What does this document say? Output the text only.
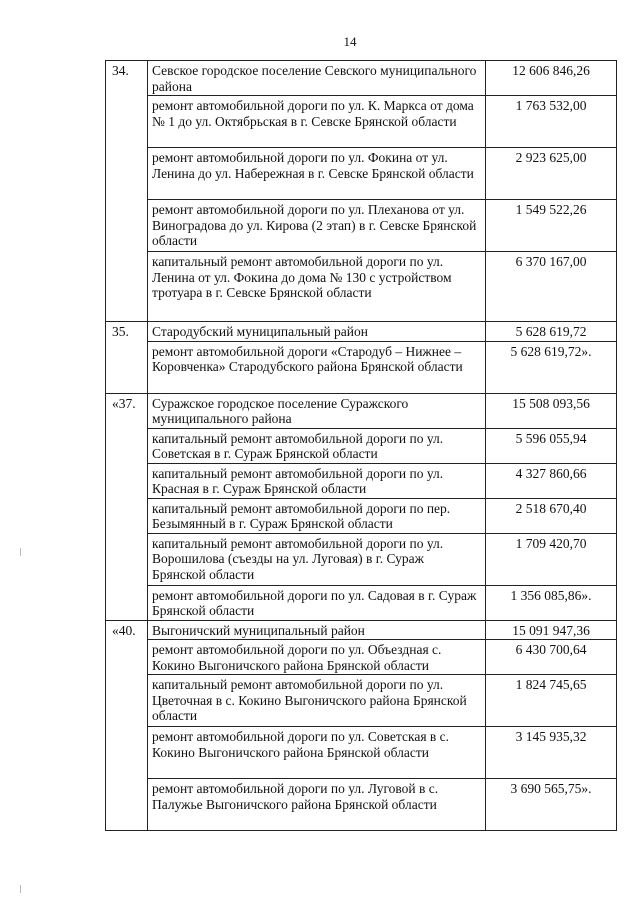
14
34.	Севское городское поселение Севского муниципального района	12 606 846,26
	ремонт автомобильной дороги по ул. К. Маркса от дома № 1 до ул. Октябрьская в г. Севске Брянской области	1 763 532,00
	ремонт автомобильной дороги по ул. Фокина от ул. Ленина до ул. Набережная в г. Севске Брянской области	2 923 625,00
	ремонт автомобильной дороги по ул. Плеханова от ул. Виноградова до ул. Кирова (2 этап) в г. Севске Брянской области	1 549 522,26
	капитальный ремонт автомобильной дороги по ул. Ленина от ул. Фокина до дома № 130 с устройством тротуара в г. Севске Брянской области	6 370 167,00
35.	Стародубский муниципальный район	5 628 619,72
	ремонт автомобильной дороги «Стародуб – Нижнее – Коровченка» Стародубского района Брянской области	5 628 619,72».
«37.	Суражское городское поселение Суражского муниципального района	15 508 093,56
	капитальный ремонт автомобильной дороги по ул. Советская в г. Сураж Брянской области	5 596 055,94
	капитальный ремонт автомобильной дороги по ул. Красная в г. Сураж Брянской области	4 327 860,66
	капитальный ремонт автомобильной дороги по пер. Безымянный в г. Сураж Брянской области	2 518 670,40
	капитальный ремонт автомобильной дороги по ул. Ворошилова (съезды на ул. Луговая) в г. Сураж Брянской области	1 709 420,70
	ремонт автомобильной дороги по ул. Садовая в г. Сураж Брянской области	1 356 085,86».
«40.	Выгоничский муниципальный район	15 091 947,36
	ремонт автомобильной дороги по ул. Объездная с. Кокино Выгоничского района Брянской области	6 430 700,64
	капитальный ремонт автомобильной дороги по ул. Цветочная в с. Кокино Выгоничского района Брянской области	1 824 745,65
	ремонт автомобильной дороги по ул. Советская в с. Кокино Выгоничского района Брянской области	3 145 935,32
	ремонт автомобильной дороги по ул. Луговой в с. Палужье Выгоничского района Брянской области	3 690 565,75».
